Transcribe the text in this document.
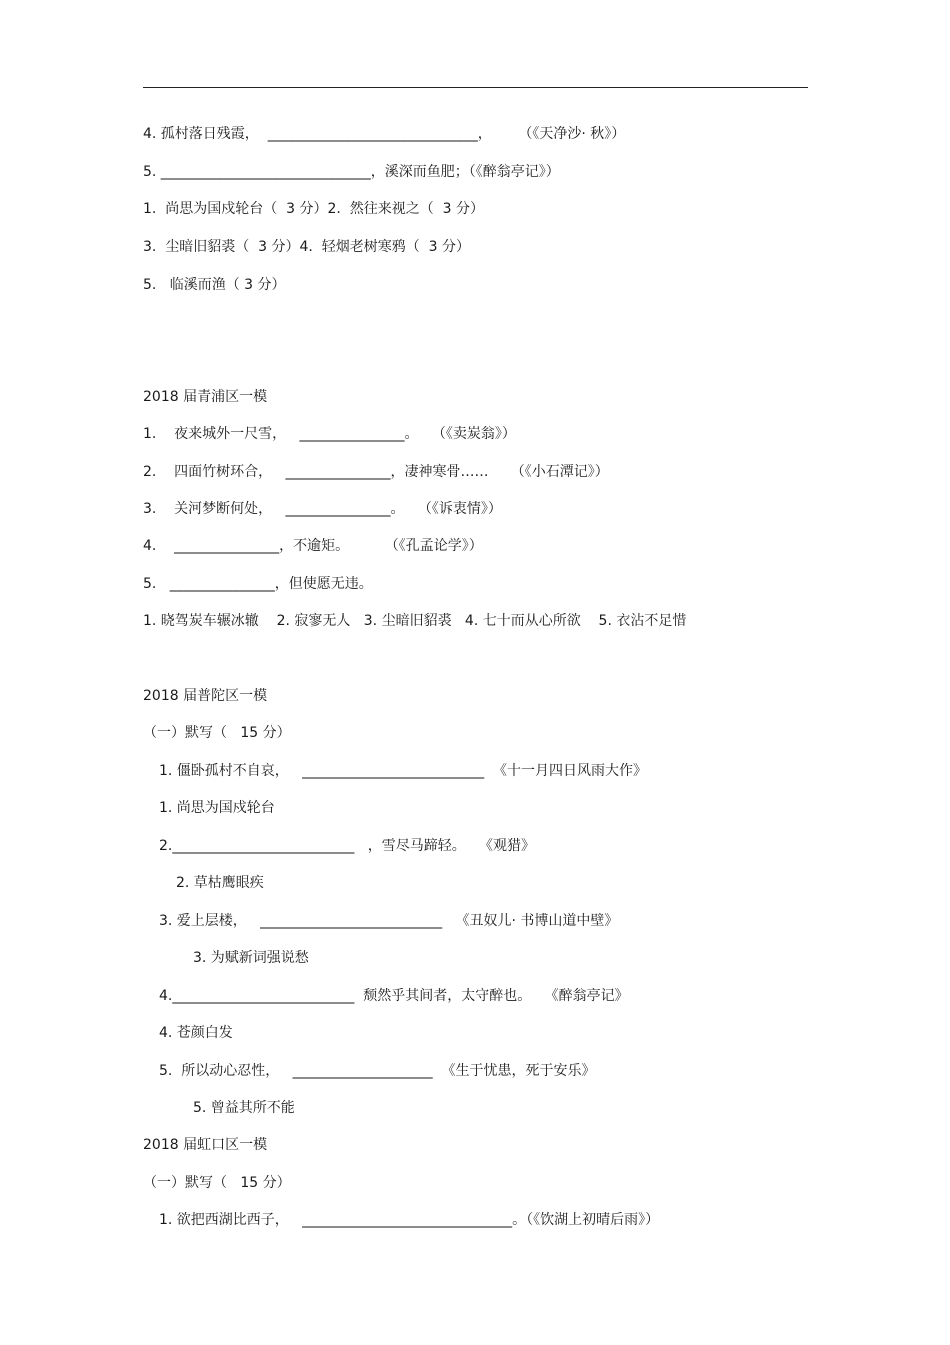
4. 孤村落日残霞，  ______________________________，      （《天净沙· 秋》）
5. ______________________________，溪深而鱼肥；（《醉翁亭记》）
1.  尚思为国戍轮台（  3 分）2.  然往来视之（  3 分）
3.  尘暗旧貂裘（  3 分）4.  轻烟老树寒鸦（  3 分）
5.   临溪而渔（ 3 分）
2018 届青浦区一模
1.    夜来城外一尺雪，   _______________。   （《卖炭翁》）
2.    四面竹树环合，   _______________，凄神寒骨……     （《小石潭记》）
3.    关河梦断何处，   _______________。   （《诉衷情》）
4.    _______________，不逾矩。        （《孔孟论学》）
5.   _______________，但使愿无违。
1. 晓驾炭车辗冰辙    2. 寂寥无人   3. 尘暗旧貂裘   4. 七十而从心所欲    5. 衣沾不足惜
2018 届普陀区一模
（一）默写（   15 分）
1. 僵卧孤村不自哀，   __________________________  《十一月四日风雨大作》
1. 尚思为国戍轮台
2.__________________________   ，雪尽马蹄轻。   《观猎》
2. 草枯鹰眼疾
3. 爱上层楼，   __________________________   《丑奴儿· 书博山道中壁》
3. 为赋新词强说愁
4.__________________________  颓然乎其间者，太守醉也。   《醉翁亭记》
4. 苍颜白发
5.  所以动心忍性，   ____________________  《生于忧患，死于安乐》
5. 曾益其所不能
2018 届虹口区一模
（一）默写（   15 分）
1. 欲把西湖比西子，   ______________________________。（《饮湖上初晴后雨》）
